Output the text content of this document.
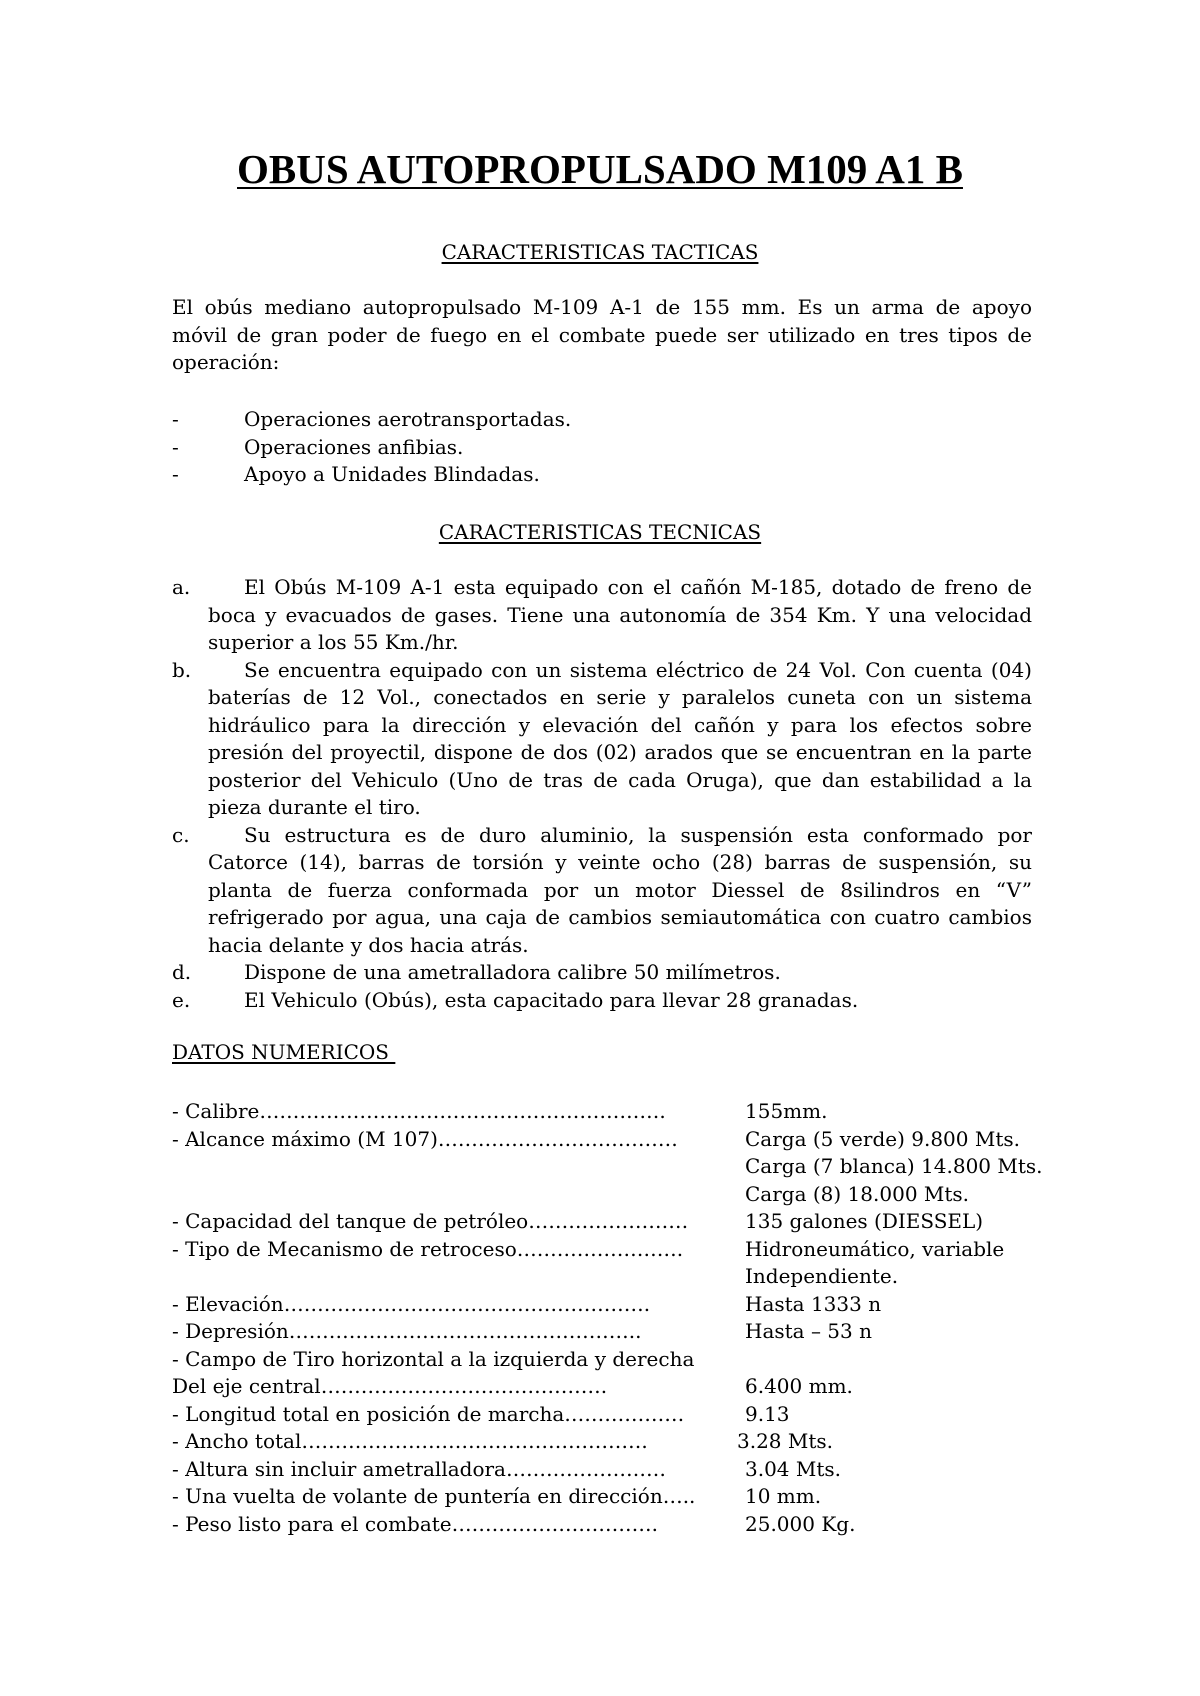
OBUS AUTOPROPULSADO M109 A1 B
CARACTERISTICAS TACTICAS
El obús mediano autopropulsado M-109 A-1 de 155 mm. Es un arma de apoyo móvil de gran poder de fuego en el combate puede ser utilizado en tres tipos de operación:
-	Operaciones aerotransportadas.
-	Operaciones anfibias.
-	Apoyo a Unidades Blindadas.
CARACTERISTICAS TECNICAS
a.	El Obús M-109 A-1 esta equipado con el cañón M-185, dotado de freno de boca y evacuados de gases. Tiene una autonomía de 354 Km. Y una velocidad superior a los 55 Km./hr.
b.	Se encuentra equipado con un sistema eléctrico de 24 Vol. Con cuenta (04) baterías de 12 Vol., conectados en serie y paralelos cuneta con un sistema hidráulico para la dirección y elevación del cañón y para los efectos sobre presión del proyectil, dispone de dos (02) arados que se encuentran en la parte posterior del Vehiculo (Uno de tras de cada Oruga), que dan estabilidad a la pieza durante el tiro.
c.	Su estructura es de duro aluminio, la suspensión esta conformado por Catorce (14), barras de torsión y veinte ocho (28) barras de suspensión, su planta de fuerza conformada por un motor Diessel de 8silindros en “V” refrigerado por agua, una caja de cambios semiautomática con cuatro cambios hacia delante y dos hacia atrás.
d.	Dispone de una ametralladora calibre 50 milímetros.
e.	El Vehiculo (Obús), esta capacitado para llevar 28 granadas.
DATOS NUMERICOS
- Calibre…………………………………………………….	155mm.
- Alcance máximo (M 107)………………………………	Carga (5 verde) 9.800 Mts.
Carga (7 blanca) 14.800 Mts.
Carga (8) 18.000 Mts.
- Capacidad del tanque de petróleo……………………	135 galones (DIESSEL)
- Tipo de Mecanismo de retroceso…………………….	Hidroneumático, variable
Independiente.
- Elevación……………………………………………….	Hasta 1333 n
- Depresión……………………………………………..	Hasta – 53 n
- Campo de Tiro horizontal a la izquierda y derecha
Del eje central…………………………………….	6.400 mm.
- Longitud total en posición de marcha………………	9.13
- Ancho total…………………………………………….	3.28 Mts.
- Altura sin incluir ametralladora……………………	3.04 Mts.
- Una vuelta de volante de puntería en dirección….. 10 mm.
- Peso listo para el combate………………………….	25.000 Kg.
